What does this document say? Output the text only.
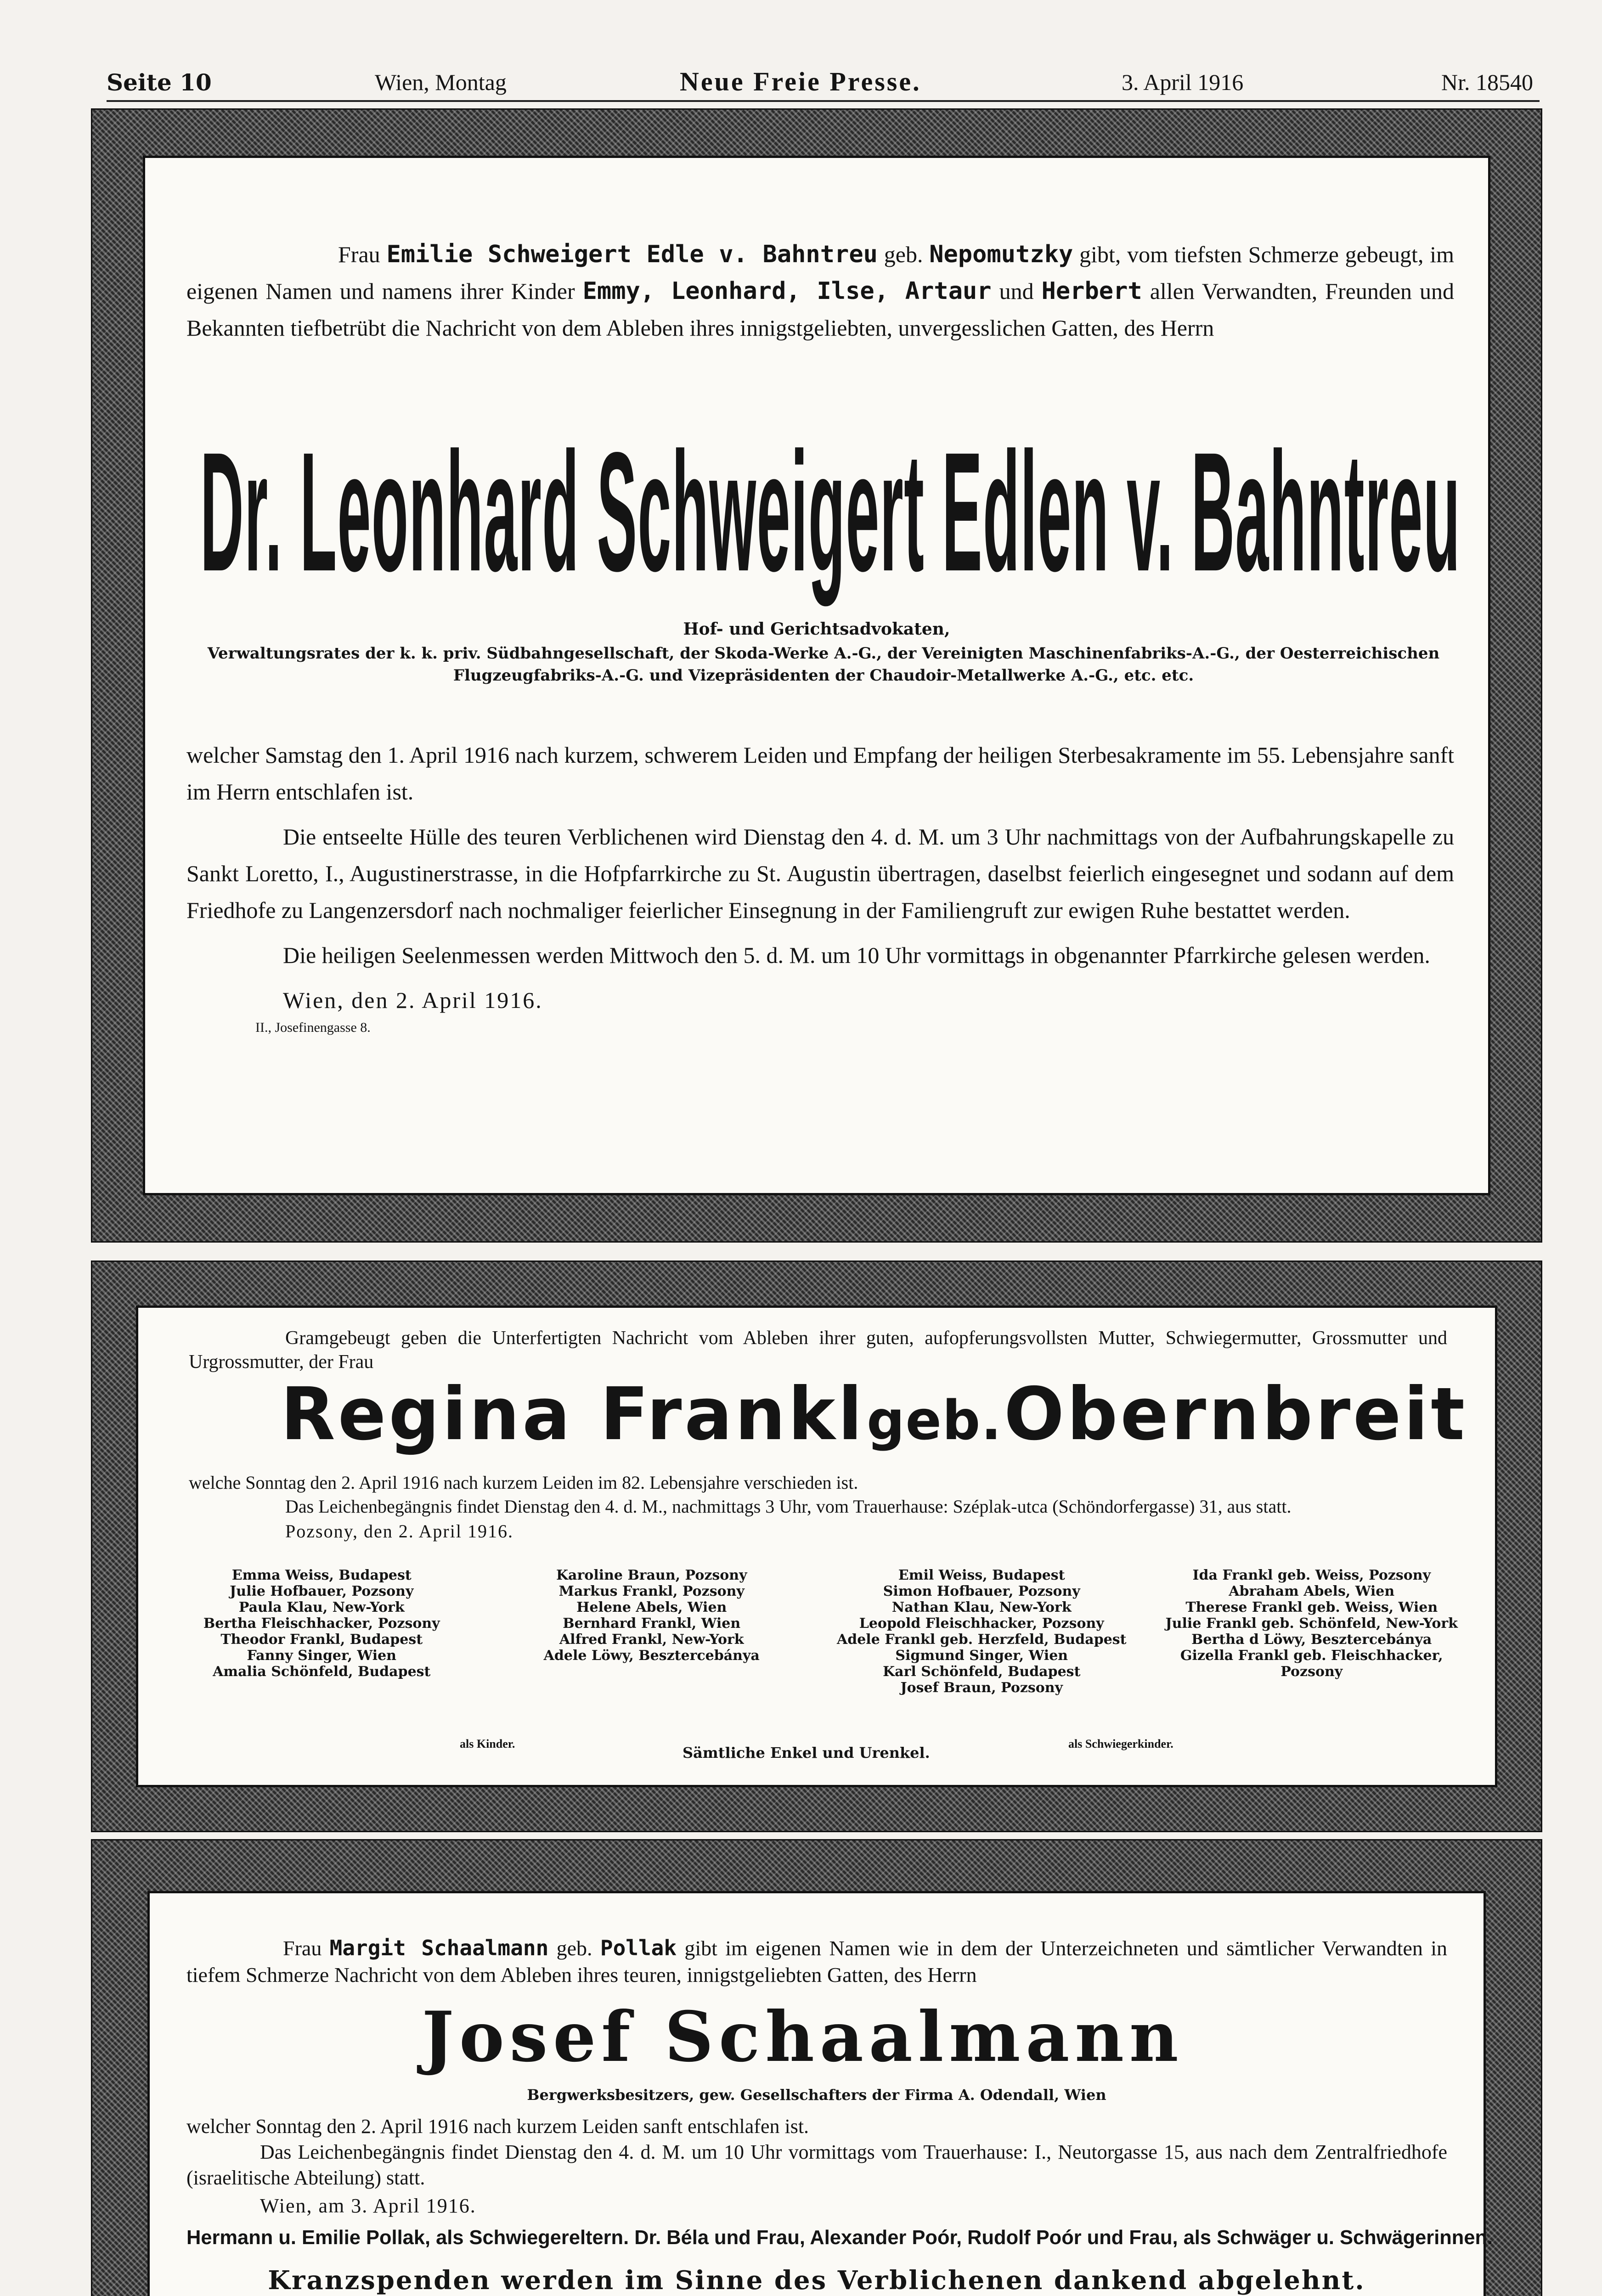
Seite 10	Wien, Montag	Neue Freie Presse.	3. April 1916	Nr. 18540

Frau Emilie Schweigert Edle v. Bahntreu geb. Nepomutzky gibt, vom tiefsten Schmerze gebeugt, im eigenen Namen und namens ihrer Kinder Emmy, Leonhard, Ilse, Artaur und Herbert allen Verwandten, Freunden und Bekannten tiefbetrübt die Nachricht von dem Ableben ihres innigstgeliebten, unvergesslichen Gatten, des Herrn

Dr. Leonhard Schweigert Edlen v. Bahntreu
Hof- und Gerichtsadvokaten,
Verwaltungsrates der k. k. priv. Südbahngesellschaft, der Skoda-Werke A.-G., der Vereinigten Maschinenfabriks-A.-G., der Oesterreichischen Flugzeugfabriks-A.-G. und Vizepräsidenten der Chaudoir-Metallwerke A.-G., etc. etc.

welcher Samstag den 1. April 1916 nach kurzem, schwerem Leiden und Empfang der heiligen Sterbesakramente im 55. Lebensjahre sanft im Herrn entschlafen ist.

Die entseelte Hülle des teuren Verblichenen wird Dienstag den 4. d. M. um 3 Uhr nachmittags von der Aufbahrungskapelle zu Sankt Loretto, I., Augustinerstrasse, in die Hofpfarrkirche zu St. Augustin übertragen, daselbst feierlich eingesegnet und sodann auf dem Friedhofe zu Langenzersdorf nach nochmaliger feierlicher Einsegnung in der Familiengruft zur ewigen Ruhe bestattet werden.

Die heiligen Seelenmessen werden Mittwoch den 5. d. M. um 10 Uhr vormittags in obgenannter Pfarrkirche gelesen werden.

Wien, den 2. April 1916.

II., Josefinengasse 8.

Gramgebeugt geben die Unterfertigten Nachricht vom Ableben ihrer guten, aufopferungsvollsten Mutter, Schwiegermutter, Grossmutter und Urgrossmutter, der Frau

Regina Frankl geb. Obernbreit

welche Sonntag den 2. April 1916 nach kurzem Leiden im 82. Lebensjahre verschieden ist.

Das Leichenbegängnis findet Dienstag den 4. d. M., nachmittags 3 Uhr, vom Trauerhause: Széplak-utca (Schöndorfergasse) 31, aus statt.

Pozsony, den 2. April 1916.

Emma Weiss, Budapest
Julie Hofbauer, Pozsony
Paula Klau, New-York
Bertha Fleischhacker, Pozsony
Theodor Frankl, Budapest
Fanny Singer, Wien
Amalia Schönfeld, Budapest
Karoline Braun, Pozsony
Markus Frankl, Pozsony
Helene Abels, Wien
Bernhard Frankl, Wien
Alfred Frankl, New-York
Adele Löwy, Besztercebánya
Emil Weiss, Budapest
Simon Hofbauer, Pozsony
Nathan Klau, New-York
Leopold Fleischhacker, Pozsony
Adele Frankl geb. Herzfeld, Budapest
Sigmund Singer, Wien
Karl Schönfeld, Budapest
Josef Braun, Pozsony
Ida Frankl geb. Weiss, Pozsony
Abraham Abels, Wien
Therese Frankl geb. Weiss, Wien
Julie Frankl geb. Schönfeld, New-York
Bertha d Löwy, Besztercebánya
Gizella Frankl geb. Fleischhacker,
Pozsony
als Kinder.
Sämtliche Enkel und Urenkel.
als Schwiegerkinder.

Frau Margit Schaalmann geb. Pollak gibt im eigenen Namen wie in dem der Unterzeichneten und sämtlicher Verwandten in tiefem Schmerze Nachricht von dem Ableben ihres teuren, innigstgeliebten Gatten, des Herrn

Josef Schaalmann
Bergwerksbesitzers, gew. Gesellschafters der Firma A. Odendall, Wien

welcher Sonntag den 2. April 1916 nach kurzem Leiden sanft entschlafen ist.

Das Leichenbegängnis findet Dienstag den 4. d. M. um 10 Uhr vormittags vom Trauerhause: I., Neutorgasse 15, aus nach dem Zentralfriedhofe (israelitische Abteilung) statt.

Wien, am 3. April 1916.

Hermann u. Emilie Pollak, als Schwiegereltern. Dr. Béla und Frau, Alexander Poór, Rudolf Poór und Frau, als Schwäger u. Schwägerinnen.

Kranzspenden werden im Sinne des Verblichenen dankend abgelehnt.
